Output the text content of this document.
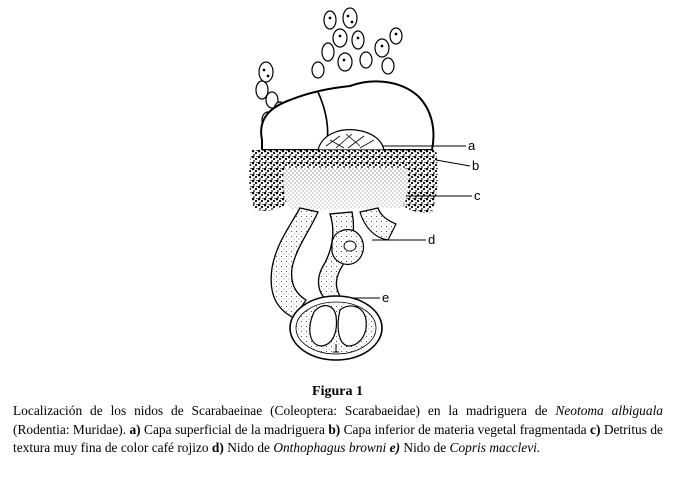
a
b
c
d
e
Figura 1
Localización de los nidos de Scarabaeinae (Coleoptera: Scarabaeidae) en la madriguera de Neotoma albiguala (Rodentia: Muridae). a) Capa superficial de la madriguera b) Capa inferior de materia vegetal fragmentada c) Detritus de textura muy fina de color café rojizo d) Nido de Onthophagus browni e) Nido de Copris macclevi.
